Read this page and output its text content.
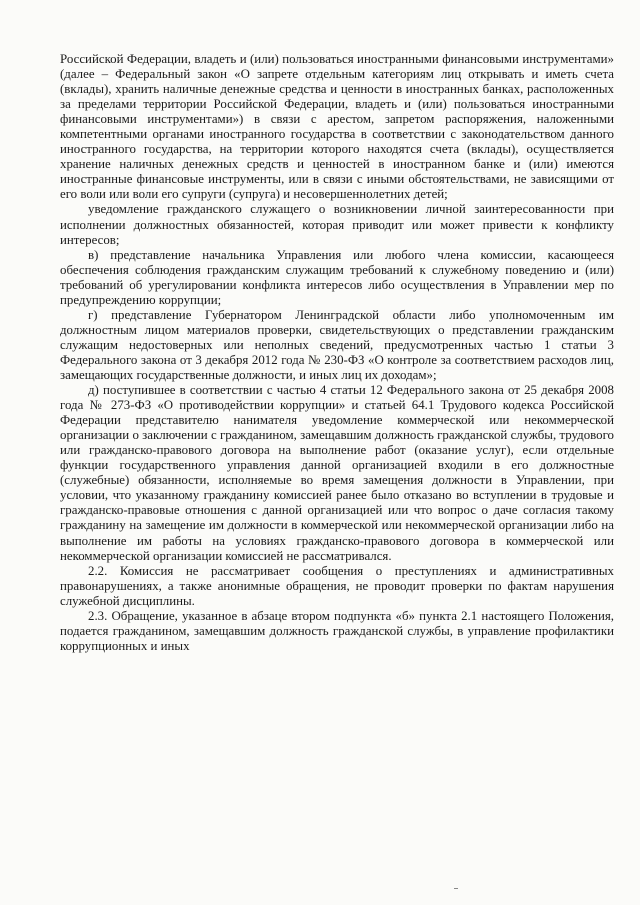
Российской Федерации, владеть и (или) пользоваться иностранными финансовыми инструментами» (далее – Федеральный закон «О запрете отдельным категориям лиц открывать и иметь счета (вклады), хранить наличные денежные средства и ценности в иностранных банках, расположенных за пределами территории Российской Федерации, владеть и (или) пользоваться иностранными финансовыми инструментами») в связи с арестом, запретом распоряжения, наложенными компетентными органами иностранного государства в соответствии с законодательством данного иностранного государства, на территории которого находятся счета (вклады), осуществляется хранение наличных денежных средств и ценностей в иностранном банке и (или) имеются иностранные финансовые инструменты, или в связи с иными обстоятельствами, не зависящими от его воли или воли его супруги (супруга) и несовершеннолетних детей;

уведомление гражданского служащего о возникновении личной заинтересованности при исполнении должностных обязанностей, которая приводит или может привести к конфликту интересов;

в) представление начальника Управления или любого члена комиссии, касающееся обеспечения соблюдения гражданским служащим требований к служебному поведению и (или) требований об урегулировании конфликта интересов либо осуществления в Управлении мер по предупреждению коррупции;

г) представление Губернатором Ленинградской области либо уполномоченным им должностным лицом материалов проверки, свидетельствующих о представлении гражданским служащим недостоверных или неполных сведений, предусмотренных частью 1 статьи 3 Федерального закона от 3 декабря 2012 года № 230-ФЗ «О контроле за соответствием расходов лиц, замещающих государственные должности, и иных лиц их доходам»;

д) поступившее в соответствии с частью 4 статьи 12 Федерального закона от 25 декабря 2008 года № 273-ФЗ «О противодействии коррупции» и статьей 64.1 Трудового кодекса Российской Федерации представителю нанимателя уведомление коммерческой или некоммерческой организации о заключении с гражданином, замещавшим должность гражданской службы, трудового или гражданско-правового договора на выполнение работ (оказание услуг), если отдельные функции государственного управления данной организацией входили в его должностные (служебные) обязанности, исполняемые во время замещения должности в Управлении, при условии, что указанному гражданину комиссией ранее было отказано во вступлении в трудовые и гражданско-правовые отношения с данной организацией или что вопрос о даче согласия такому гражданину на замещение им должности в коммерческой или некоммерческой организации либо на выполнение им работы на условиях гражданско-правового договора в коммерческой или некоммерческой организации комиссией не рассматривался.

2.2. Комиссия не рассматривает сообщения о преступлениях и административных правонарушениях, а также анонимные обращения, не проводит проверки по фактам нарушения служебной дисциплины.

2.3. Обращение, указанное в абзаце втором подпункта «б» пункта 2.1 настоящего Положения, подается гражданином, замещавшим должность гражданской службы, в управление профилактики коррупционных и иных
